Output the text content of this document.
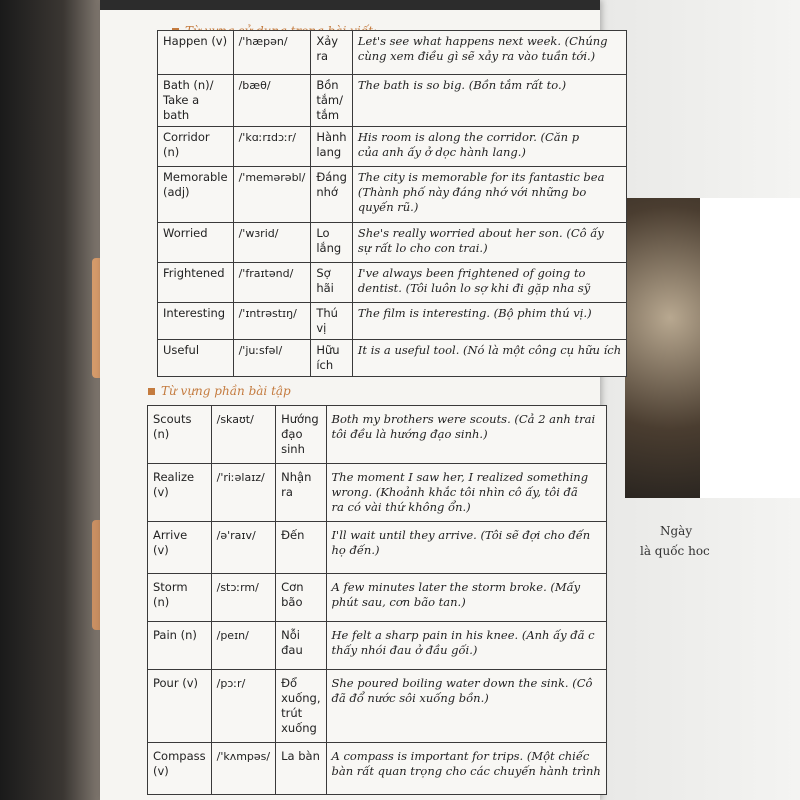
Ngày
là quốc hoc
Happen (v)	/'hæpən/	Xảy ra	Let's see what happens next week. (Chúng
cùng xem điều gì sẽ xảy ra vào tuần tới.)

Bath (n)/ Take a bath	/bæθ/	Bồn tắm/ tắm	The bath is so big. (Bồn tắm rất to.)

Corridor (n)	/'kɑːrɪdɔːr/	Hành lang	His room is along the corridor. (Căn p
của anh ấy ở dọc hành lang.)

Memorable (adj)	/'memərəbl/	Đáng nhớ	The city is memorable for its fantastic bea
(Thành phố này đáng nhớ với những bo
quyến rũ.)

Worried	/'wɜrid/	Lo lắng	She's really worried about her son. (Cô ấy
sự rất lo cho con trai.)

Frightened	/'fraɪtənd/	Sợ hãi	I've always been frightened of going to
dentist. (Tôi luôn lo sợ khi đi gặp nha sỹ

Interesting	/'ɪntrəstɪŋ/	Thú vị	The film is interesting. (Bộ phim thú vị.)

Useful	/'juːsfəl/	Hữu ích	It is a useful tool. (Nó là một công cụ hữu ích
Từ vựng phần bài tập
Scouts (n)	/skaʊt/	Hướng đạo sinh	Both my brothers were scouts. (Cả 2 anh trai
tôi đều là hướng đạo sinh.)

Realize (v)	/'riːəlaɪz/	Nhận ra	The moment I saw her, I realized something
wrong. (Khoảnh khắc tôi nhìn cô ấy, tôi đã
ra có vài thứ không ổn.)

Arrive (v)	/ə'raɪv/	Đến	I'll wait until they arrive. (Tôi sẽ đợi cho đến
họ đến.)

Storm (n)	/stɔːrm/	Cơn bão	A few minutes later the storm broke. (Mấy
phút sau, cơn bão tan.)

Pain (n)	/peɪn/	Nỗi đau	He felt a sharp pain in his knee. (Anh ấy đã c
thấy nhói đau ở đầu gối.)

Pour (v)	/pɔːr/	Đổ xuống, trút xuống	She poured boiling water down the sink. (Cô
đã đổ nước sôi xuống bồn.)

Compass (v)	/'kʌmpəs/	La bàn	A compass is important for trips. (Một chiếc
bàn rất quan trọng cho các chuyến hành trình
